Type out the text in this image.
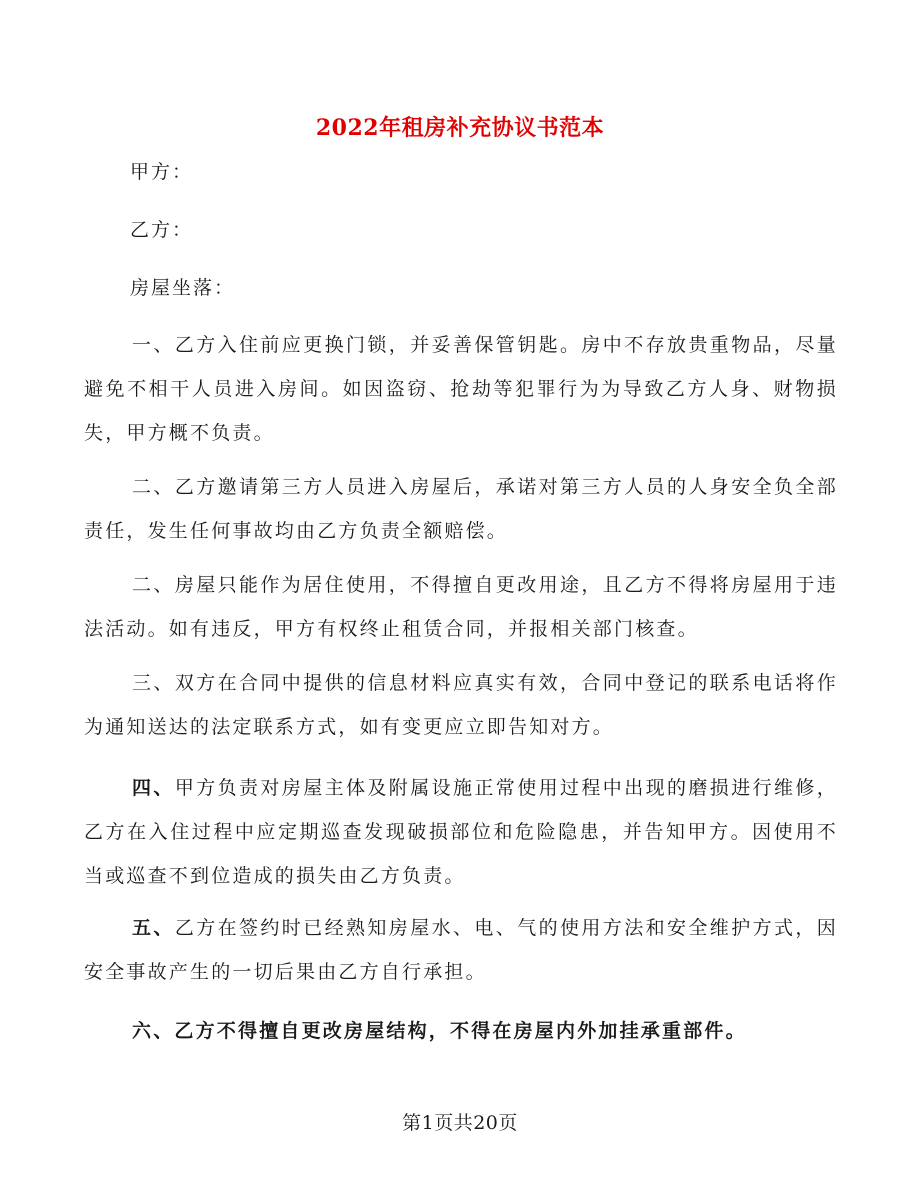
2022年租房补充协议书范本
甲方：
乙方：
房屋坐落：

一、乙方入住前应更换门锁，并妥善保管钥匙。房中不存放贵重物品，尽量避免不相干人员进入房间。如因盗窃、抢劫等犯罪行为为导致乙方人身、财物损失，甲方概不负责。

二、乙方邀请第三方人员进入房屋后，承诺对第三方人员的人身安全负全部责任，发生任何事故均由乙方负责全额赔偿。

二、房屋只能作为居住使用，不得擅自更改用途，且乙方不得将房屋用于违法活动。如有违反，甲方有权终止租赁合同，并报相关部门核查。

三、双方在合同中提供的信息材料应真实有效，合同中登记的联系电话将作为通知送达的法定联系方式，如有变更应立即告知对方。

四、甲方负责对房屋主体及附属设施正常使用过程中出现的磨损进行维修，乙方在入住过程中应定期巡查发现破损部位和危险隐患，并告知甲方。因使用不当或巡查不到位造成的损失由乙方负责。

五、乙方在签约时已经熟知房屋水、电、气的使用方法和安全维护方式，因安全事故产生的一切后果由乙方自行承担。

六、乙方不得擅自更改房屋结构，不得在房屋内外加挂承重部件。

第1页共20页
